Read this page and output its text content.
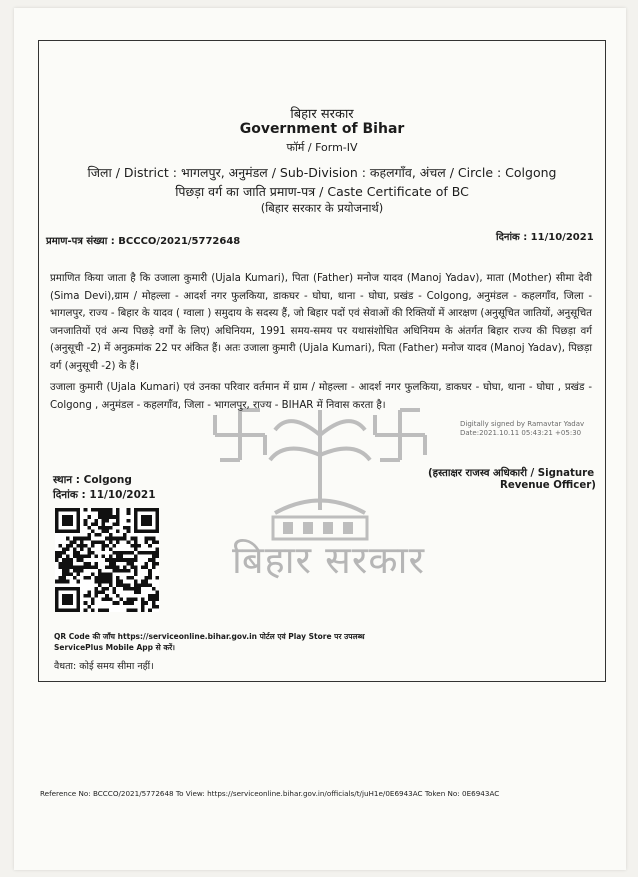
बिहार सरकार
Government of Bihar
फॉर्म / Form-IV
जिला / District : भागलपुर, अनुमंडल / Sub-Division : कहलगाँव, अंचल / Circle : Colgong
पिछड़ा वर्ग का जाति प्रमाण-पत्र / Caste Certificate of BC
(बिहार सरकार के प्रयोजनार्थ)
प्रमाण-पत्र संख्या : BCCCO/2021/5772648	दिनांक : 11/10/2021
बिहार सरकार
प्रमाणित किया जाता है कि उजाला कुमारी (Ujala Kumari), पिता (Father) मनोज यादव (Manoj Yadav), माता (Mother) सीमा देवी (Sima Devi),ग्राम / मोहल्ला - आदर्श नगर फुलकिया, डाकघर - घोघा, थाना - घोघा, प्रखंड - Colgong, अनुमंडल - कहलगाँव, जिला - भागलपुर, राज्य - बिहार के यादव ( ग्वाला ) समुदाय के सदस्य हैं, जो बिहार पदों एवं सेवाओं की रिक्तियों में आरक्षण (अनुसूचित जातियों, अनुसूचित जनजातियों एवं अन्य पिछड़े वर्गों के लिए) अधिनियम, 1991 समय-समय पर यथासंशोधित अधिनियम के अंतर्गत बिहार राज्य की पिछड़ा वर्ग (अनुसूची -2) में अनुक्रमांक 22 पर अंकित हैं। अतः उजाला कुमारी (Ujala Kumari), पिता (Father) मनोज यादव (Manoj Yadav), पिछड़ा वर्ग (अनुसूची -2) के हैं।
उजाला कुमारी (Ujala Kumari) एवं उनका परिवार वर्तमान में ग्राम / मोहल्ला - आदर्श नगर फुलकिया, डाकघर - घोघा, थाना - घोघा , प्रखंड - Colgong , अनुमंडल - कहलगाँव, जिला - भागलपुर, राज्य - BIHAR में निवास करता है।
Digitally signed by Ramavtar Yadav
Date:2021.10.11 05:43:21 +05:30
स्थान : Colgong
दिनांक : 11/10/2021
(हस्ताक्षर राजस्व अधिकारी / Signature
Revenue Officer)
QR Code की जाँच https://serviceonline.bihar.gov.in पोर्टल एवं Play Store पर उपलब्ध ServicePlus Mobile App से करें।
वैधता: कोई समय सीमा नहीं।
Reference No: BCCCO/2021/5772648 To View: https://serviceonline.bihar.gov.in/officials/t/juH1e/0E6943AC Token No: 0E6943AC
